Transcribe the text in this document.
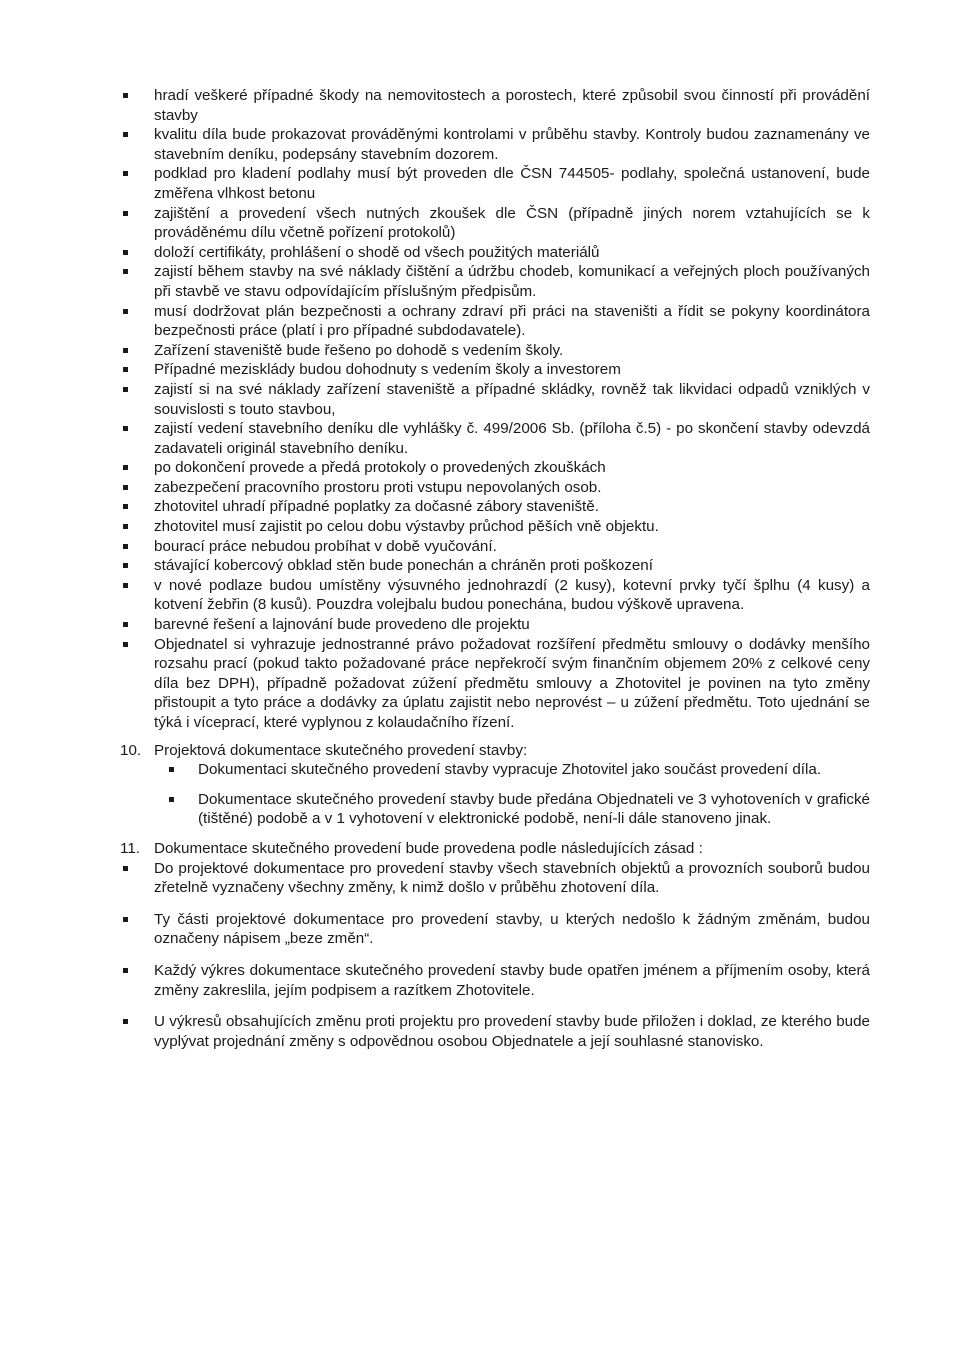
hradí veškeré případné škody na nemovitostech a porostech, které způsobil svou činností při provádění stavby
kvalitu díla bude prokazovat prováděnými kontrolami v průběhu stavby. Kontroly budou zaznamenány ve stavebním deníku, podepsány stavebním dozorem.
podklad pro kladení podlahy musí být proveden dle ČSN 744505- podlahy, společná ustanovení, bude změřena vlhkost betonu
zajištění a provedení všech nutných zkoušek dle ČSN (případně jiných norem vztahujících se k prováděnému dílu včetně pořízení protokolů)
doloží certifikáty, prohlášení o shodě od všech použitých materiálů
zajistí během stavby na své náklady čištění a údržbu chodeb, komunikací a veřejných ploch používaných při stavbě ve stavu odpovídajícím příslušným předpisům.
musí dodržovat plán bezpečnosti a ochrany zdraví při práci na staveništi a řídit se pokyny koordinátora bezpečnosti práce (platí i pro případné subdodavatele).
Zařízení staveniště bude řešeno po dohodě s vedením školy.
Případné mezisklády budou dohodnuty s vedením školy a investorem
zajistí si na své náklady zařízení staveniště a případné skládky, rovněž tak likvidaci odpadů vzniklých v souvislosti s touto stavbou,
zajistí vedení stavebního deníku dle vyhlášky č. 499/2006 Sb. (příloha č.5) - po skončení stavby odevzdá zadavateli originál stavebního deníku.
po dokončení provede a předá protokoly o provedených zkouškách
zabezpečení pracovního prostoru proti vstupu nepovolaných osob.
zhotovitel uhradí případné poplatky za dočasné zábory staveniště.
zhotovitel musí zajistit po celou dobu výstavby průchod pěších vně objektu.
bourací práce nebudou probíhat v době vyučování.
stávající kobercový obklad stěn bude ponechán a chráněn proti poškození
v nové podlaze budou umístěny výsuvného jednohrazdí (2 kusy), kotevní prvky tyčí šplhu (4 kusy) a kotvení žebřin (8 kusů). Pouzdra volejbalu budou ponechána, budou výškově upravena.
barevné řešení a lajnování bude provedeno dle projektu
Objednatel si vyhrazuje jednostranné právo požadovat rozšíření předmětu smlouvy o dodávky menšího rozsahu prací (pokud takto požadované práce nepřekročí svým finančním objemem 20% z celkové ceny díla bez DPH), případně požadovat zúžení předmětu smlouvy a Zhotovitel je povinen na tyto změny přistoupit a tyto práce a dodávky za úplatu zajistit nebo neprovést – u zúžení předmětu. Toto ujednání se týká i víceprací, které vyplynou z kolaudačního řízení.
10. Projektová dokumentace skutečného provedení stavby:
Dokumentaci skutečného provedení stavby vypracuje Zhotovitel jako součást provedení díla.
Dokumentace skutečného provedení stavby bude předána Objednateli ve 3 vyhotoveních v grafické (tištěné) podobě a v 1 vyhotovení v elektronické podobě, není-li dále stanoveno jinak.
11. Dokumentace skutečného provedení bude provedena podle následujících zásad :
Do projektové dokumentace pro provedení stavby všech stavebních objektů a provozních souborů budou zřetelně vyznačeny všechny změny, k nimž došlo v průběhu zhotovení díla.
Ty části projektové dokumentace pro provedení stavby, u kterých nedošlo k žádným změnám, budou označeny nápisem „beze změn“.
Každý výkres dokumentace skutečného provedení stavby bude opatřen jménem a příjmením osoby, která změny zakreslila, jejím podpisem a razítkem Zhotovitele.
U výkresů obsahujících změnu proti projektu pro provedení stavby bude přiložen i doklad, ze kterého bude vyplývat projednání změny s odpovědnou osobou Objednatele a její souhlasné stanovisko.
